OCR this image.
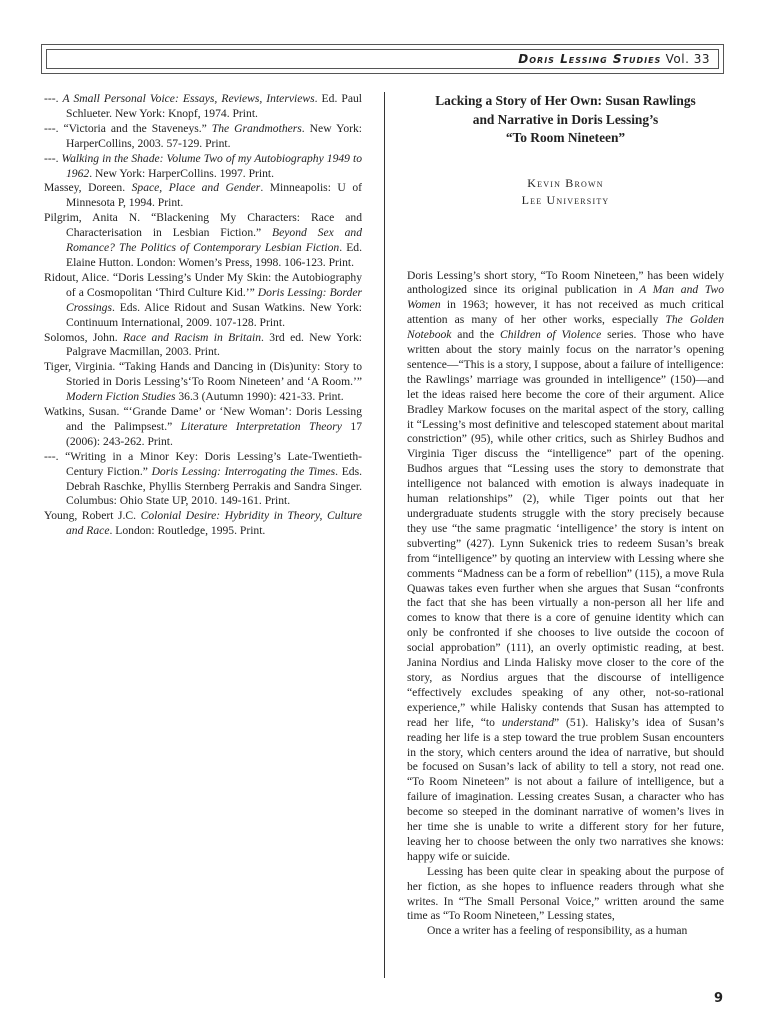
Doris Lessing Studies Vol. 33

---. A Small Personal Voice: Essays, Reviews, Interviews. Ed. Paul Schlueter. New York: Knopf, 1974. Print.

---. “Victoria and the Staveneys.” The Grandmothers. New York: HarperCollins, 2003. 57-129. Print.

---. Walking in the Shade: Volume Two of my Autobiography 1949 to 1962. New York: HarperCollins. 1997. Print.

Massey, Doreen. Space, Place and Gender. Minneapolis: U of Minnesota P, 1994. Print.

Pilgrim, Anita N. “Blackening My Characters: Race and Characterisation in Lesbian Fiction.” Beyond Sex and Romance? The Politics of Contemporary Lesbian Fiction. Ed. Elaine Hutton. London: Women’s Press, 1998. 106-123. Print.

Ridout, Alice. “Doris Lessing’s Under My Skin: the Autobiography of a Cosmopolitan ‘Third Culture Kid.’” Doris Lessing: Border Crossings. Eds. Alice Ridout and Susan Watkins. New York: Continuum International, 2009. 107-128. Print.

Solomos, John. Race and Racism in Britain. 3rd ed. New York: Palgrave Macmillan, 2003. Print.

Tiger, Virginia. “Taking Hands and Dancing in (Dis)unity: Story to Storied in Doris Lessing’s‘To Room Nineteen’ and ‘A Room.’” Modern Fiction Studies 36.3 (Autumn 1990): 421-33. Print.

Watkins, Susan. “‘Grande Dame’ or ‘New Woman’: Doris Lessing and the Palimpsest.” Literature Interpretation Theory 17 (2006): 243-262. Print.

---. “Writing in a Minor Key: Doris Lessing’s Late-Twentieth-Century Fiction.” Doris Lessing: Interrogating the Times. Eds. Debrah Raschke, Phyllis Sternberg Perrakis and Sandra Singer. Columbus: Ohio State UP, 2010. 149-161. Print.

Young, Robert J.C. Colonial Desire: Hybridity in Theory, Culture and Race. London: Routledge, 1995. Print.

Lacking a Story of Her Own: Susan Rawlings

and Narrative in Doris Lessing’s

“To Room Nineteen”

Kevin Brown

Lee University

Doris Lessing’s short story, “To Room Nineteen,” has been widely anthologized since its original publication in A Man and Two Women in 1963; however, it has not received as much critical attention as many of her other works, especially The Golden Notebook and the Children of Violence series. Those who have written about the story mainly focus on the narrator’s opening sentence—“This is a story, I suppose, about a failure of intelligence: the Rawlings’ marriage was grounded in intelligence” (150)—and let the ideas raised here become the core of their argument. Alice Bradley Markow focuses on the marital aspect of the story, calling it “Lessing’s most definitive and telescoped statement about marital constriction” (95), while other critics, such as Shirley Budhos and Virginia Tiger discuss the “intelligence” part of the opening. Budhos argues that “Lessing uses the story to demonstrate that intelligence not balanced with emotion is always inadequate in human relationships” (2), while Tiger points out that her undergraduate students struggle with the story precisely because they use “the same pragmatic ‘intelligence’ the story is intent on subverting” (427). Lynn Sukenick tries to redeem Susan’s break from “intelligence” by quoting an interview with Lessing where she comments “Madness can be a form of rebellion” (115), a move Rula Quawas takes even further when she argues that Susan “confronts the fact that she has been virtually a non-person all her life and comes to know that there is a core of genuine identity which can only be confronted if she chooses to live outside the cocoon of social approbation” (111), an overly optimistic reading, at best. Janina Nordius and Linda Halisky move closer to the core of the story, as Nordius argues that the discourse of intelligence “effectively excludes speaking of any other, not-so-rational experience,” while Halisky contends that Susan has attempted to read her life, “to understand” (51). Halisky’s idea of Susan’s reading her life is a step toward the true problem Susan encounters in the story, which centers around the idea of narrative, but should be focused on Susan’s lack of ability to tell a story, not read one. “To Room Nineteen” is not about a failure of intelligence, but a failure of imagination. Lessing creates Susan, a character who has become so steeped in the dominant narrative of women’s lives in her time she is unable to write a different story for her future, leaving her to choose between the only two narratives she knows: happy wife or suicide.

Lessing has been quite clear in speaking about the purpose of her fiction, as she hopes to influence readers through what she writes. In “The Small Personal Voice,” written around the same time as “To Room Nineteen,” Lessing states,

Once a writer has a feeling of responsibility, as a human

9
